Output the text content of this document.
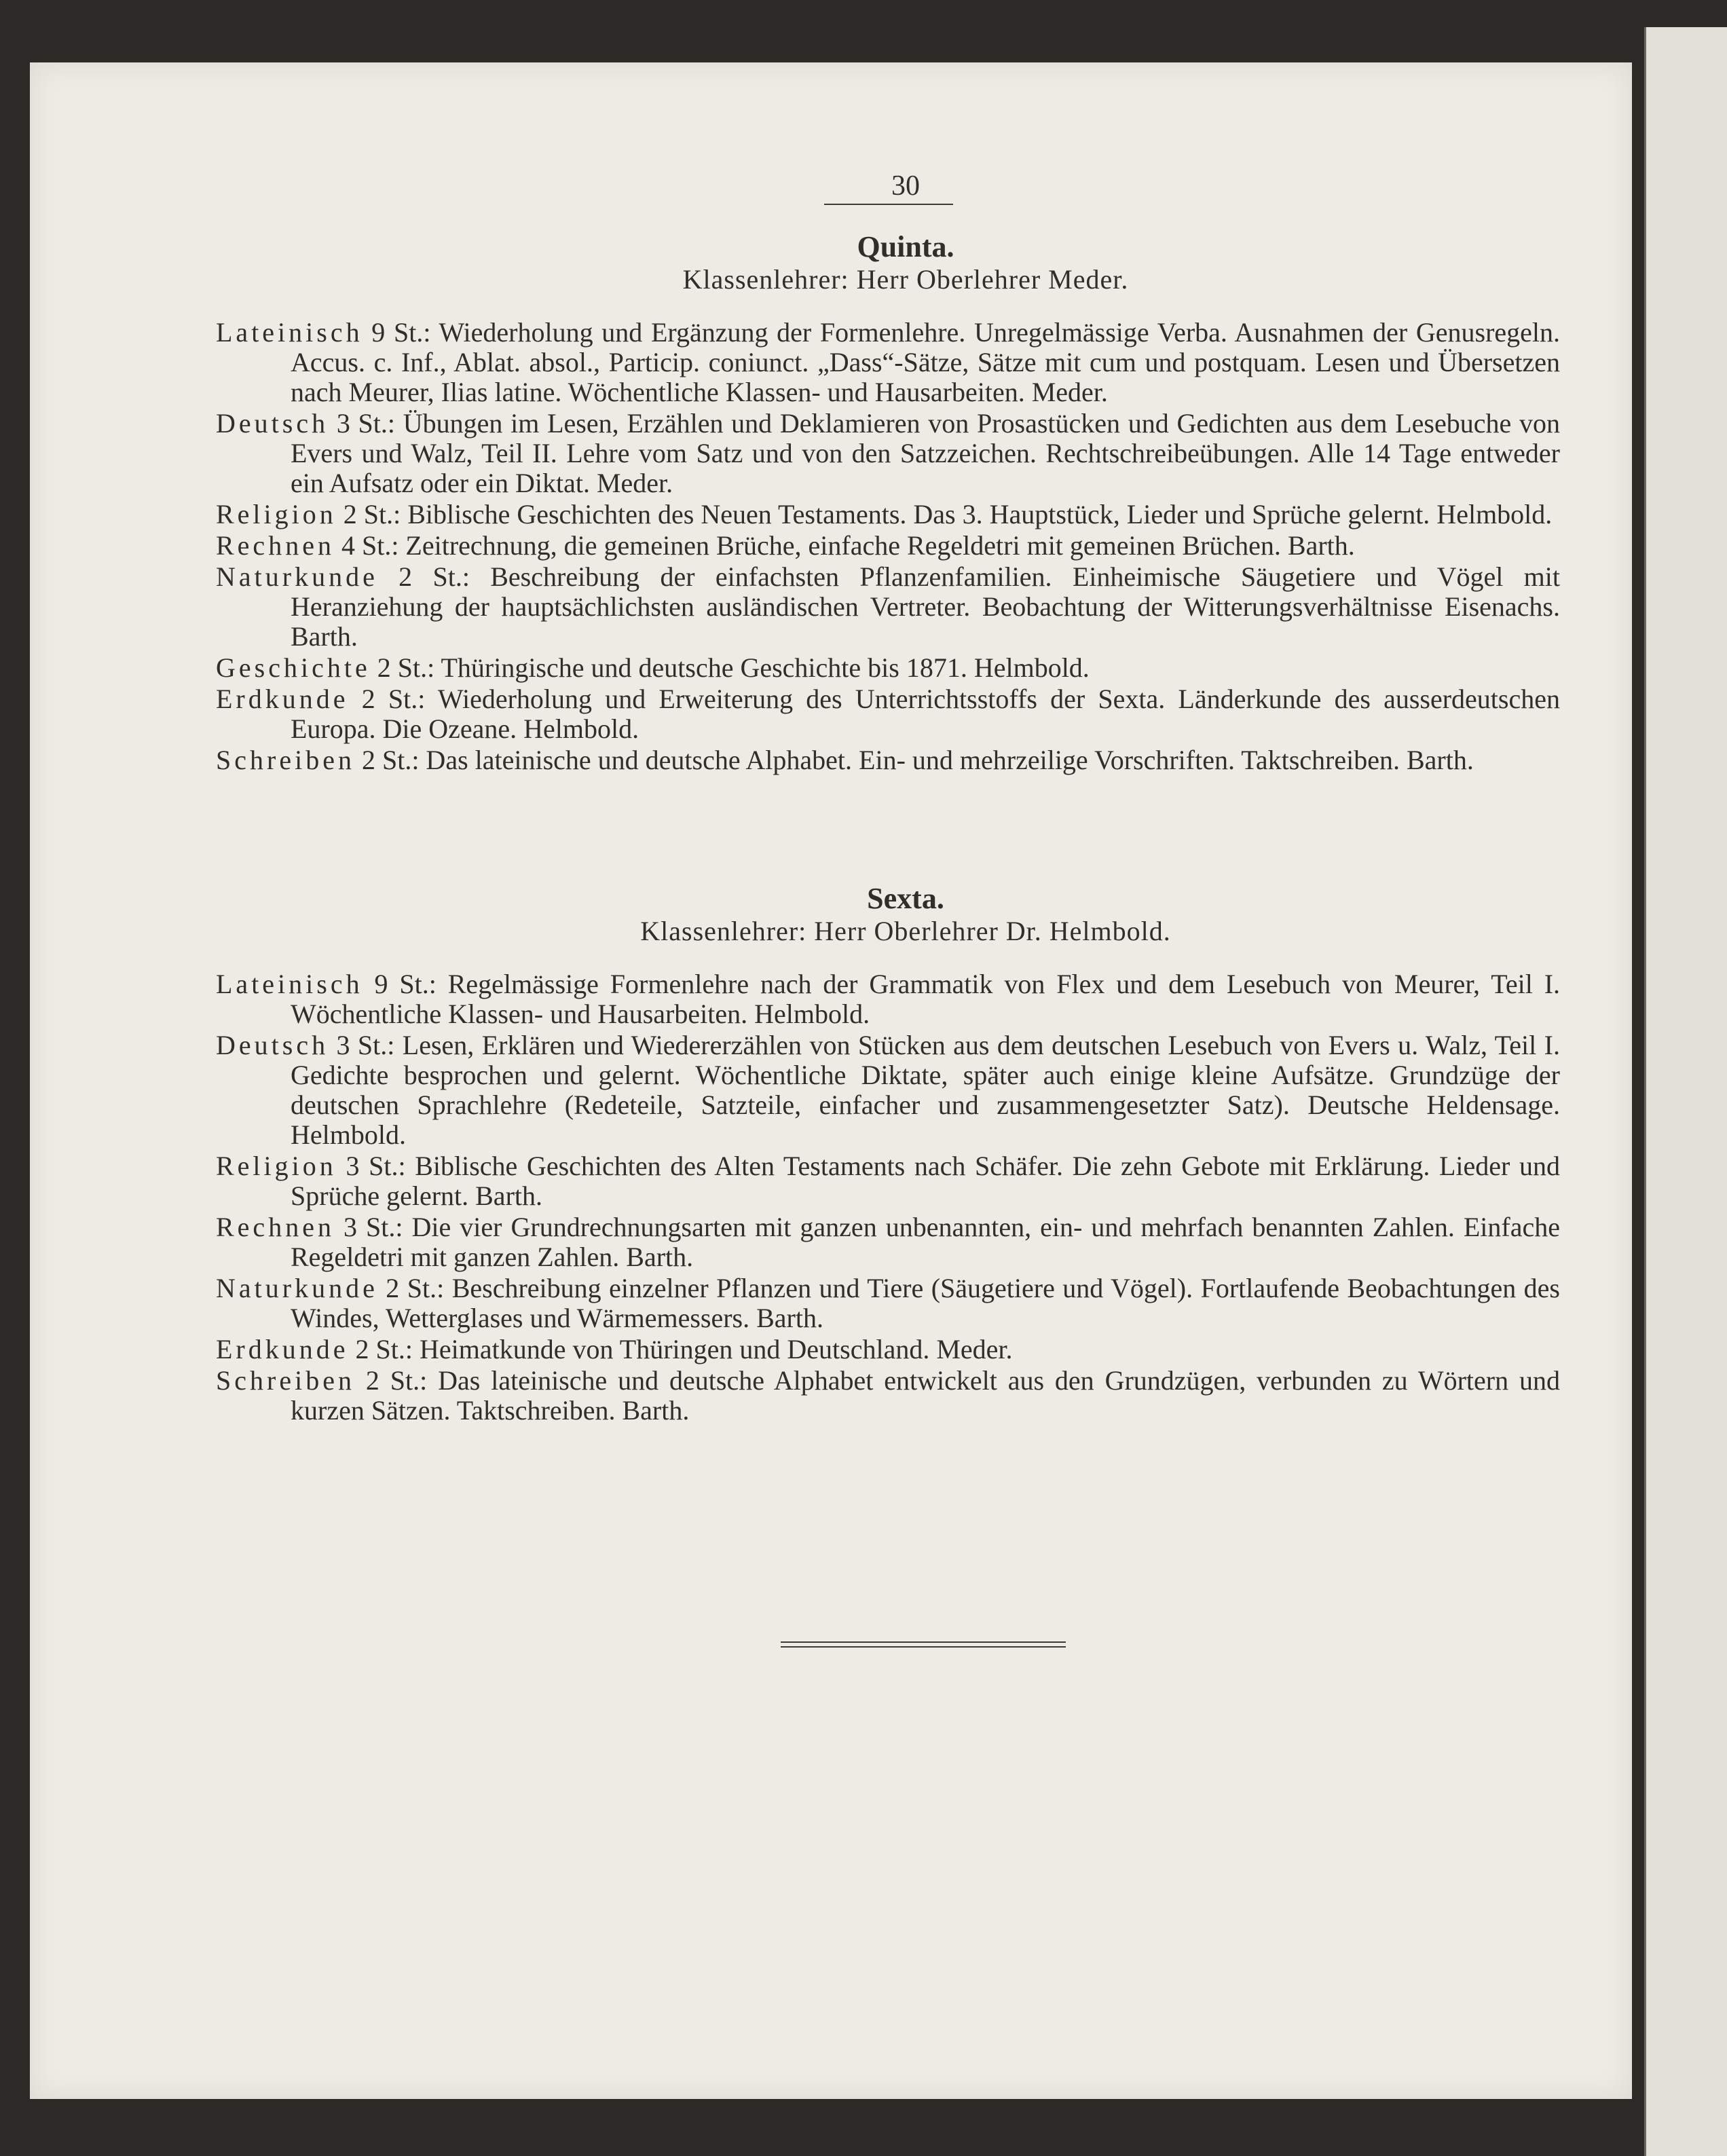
30
Quinta.
Klassenlehrer: Herr Oberlehrer Meder.

Lateinisch 9 St.: Wiederholung und Ergänzung der Formenlehre. Unregelmässige Verba. Ausnahmen der Genusregeln. Accus. c. Inf., Ablat. absol., Particip. coniunct. „Dass“-Sätze, Sätze mit cum und postquam. Lesen und Übersetzen nach Meurer, Ilias latine. Wöchentliche Klassen- und Hausarbeiten. Meder.

Deutsch 3 St.: Übungen im Lesen, Erzählen und Deklamieren von Prosastücken und Gedichten aus dem Lesebuche von Evers und Walz, Teil II. Lehre vom Satz und von den Satzzeichen. Rechtschreibeübungen. Alle 14 Tage entweder ein Aufsatz oder ein Diktat. Meder.

Religion 2 St.: Biblische Geschichten des Neuen Testaments. Das 3. Hauptstück, Lieder und Sprüche gelernt. Helmbold.

Rechnen 4 St.: Zeitrechnung, die gemeinen Brüche, einfache Regeldetri mit gemeinen Brüchen. Barth.

Naturkunde 2 St.: Beschreibung der einfachsten Pflanzenfamilien. Einheimische Säugetiere und Vögel mit Heranziehung der hauptsächlichsten ausländischen Vertreter. Beobachtung der Witterungsverhältnisse Eisenachs. Barth.

Geschichte 2 St.: Thüringische und deutsche Geschichte bis 1871. Helmbold.

Erdkunde 2 St.: Wiederholung und Erweiterung des Unterrichtsstoffs der Sexta. Länderkunde des ausserdeutschen Europa. Die Ozeane. Helmbold.

Schreiben 2 St.: Das lateinische und deutsche Alphabet. Ein- und mehrzeilige Vorschriften. Taktschreiben. Barth.

Sexta.
Klassenlehrer: Herr Oberlehrer Dr. Helmbold.

Lateinisch 9 St.: Regelmässige Formenlehre nach der Grammatik von Flex und dem Lesebuch von Meurer, Teil I. Wöchentliche Klassen- und Hausarbeiten. Helmbold.

Deutsch 3 St.: Lesen, Erklären und Wiedererzählen von Stücken aus dem deutschen Lesebuch von Evers u. Walz, Teil I. Gedichte besprochen und gelernt. Wöchentliche Diktate, später auch einige kleine Aufsätze. Grundzüge der deutschen Sprachlehre (Redeteile, Satzteile, einfacher und zusammengesetzter Satz). Deutsche Heldensage. Helmbold.

Religion 3 St.: Biblische Geschichten des Alten Testaments nach Schäfer. Die zehn Gebote mit Erklärung. Lieder und Sprüche gelernt. Barth.

Rechnen 3 St.: Die vier Grundrechnungsarten mit ganzen unbenannten, ein- und mehrfach benannten Zahlen. Einfache Regeldetri mit ganzen Zahlen. Barth.

Naturkunde 2 St.: Beschreibung einzelner Pflanzen und Tiere (Säugetiere und Vögel). Fortlaufende Beobachtungen des Windes, Wetterglases und Wärmemessers. Barth.

Erdkunde 2 St.: Heimatkunde von Thüringen und Deutschland. Meder.

Schreiben 2 St.: Das lateinische und deutsche Alphabet entwickelt aus den Grundzügen, verbunden zu Wörtern und kurzen Sätzen. Taktschreiben. Barth.
